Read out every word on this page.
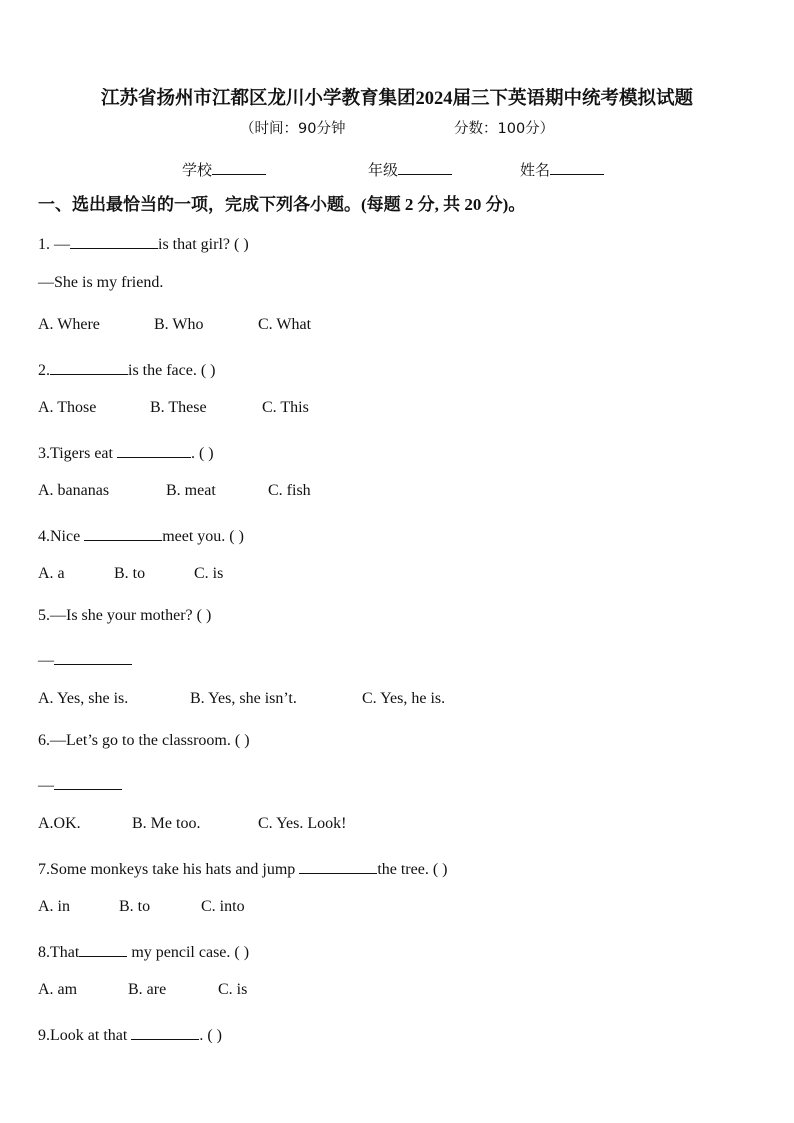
江苏省扬州市江都区龙川小学教育集团2024届三下英语期中统考模拟试题
（时间：90分钟	分数：100分）
学校	年级	姓名
一、选出最恰当的一项，完成下列各小题。(每题 2 分, 共 20 分)。
1. —	is that girl? ( )
—She is my friend.
A. Where	B. Who	C. What
2.	is the face. ( )
A. Those	B. These	C. This
3.Tigers eat	. ( )
A. bananas	B. meat	C. fish
4.Nice	meet you. ( )
A. a	B. to	C. is
5.—Is she your mother? ( )
—
A. Yes, she is.	B. Yes, she isn’t.	C. Yes, he is.
6.—Let’s go to the classroom. ( )
—
A.OK.	B. Me too.	C. Yes. Look!
7.Some monkeys take his hats and jump	the tree. ( )
A. in	B. to	C. into
8.That	my pencil case. ( )
A. am	B. are	C. is
9.Look at that	. ( )
